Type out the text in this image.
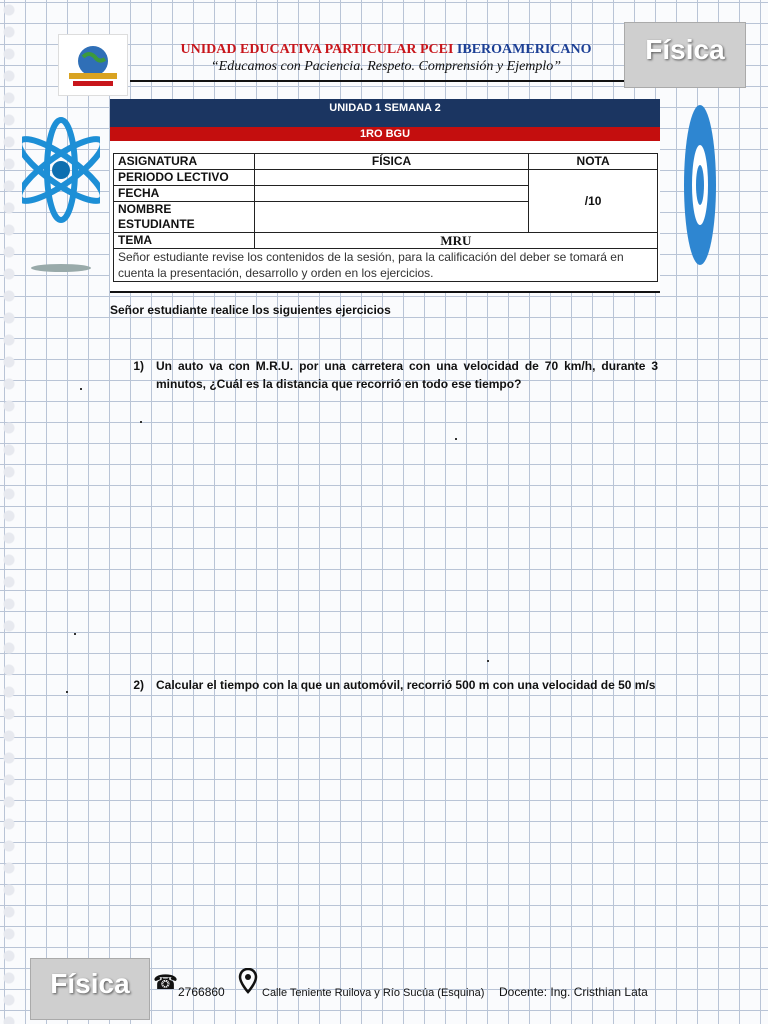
UNIDAD EDUCATIVA PARTICULAR PCEI IBEROAMERICANO
“Educamos con Paciencia. Respeto. Comprensión y Ejemplo”
Física
UNIDAD 1 SEMANA 2
1RO BGU
ASIGNATURA	FÍSICA	NOTA
PERIODO LECTIVO		/10
FECHA		
NOMBRE ESTUDIANTE		
TEMA	MRU	
Señor estudiante revise los contenidos de la sesión, para la calificación del deber se tomará en cuenta la presentación, desarrollo y orden en los ejercicios.		
Señor estudiante realice los siguientes ejercicios
1) Un auto va con M.R.U. por una carretera con una velocidad de 70 km/h, durante 3 minutos, ¿Cuál es la distancia que recorrió en todo ese tiempo?
2) Calcular el tiempo con la que un automóvil, recorrió 500 m con una velocidad de 50 m/s
Física	☎ 2766860	Calle Teniente Ruilova y Río Sucúa (Esquina) Docente: Ing. Cristhian Lata
